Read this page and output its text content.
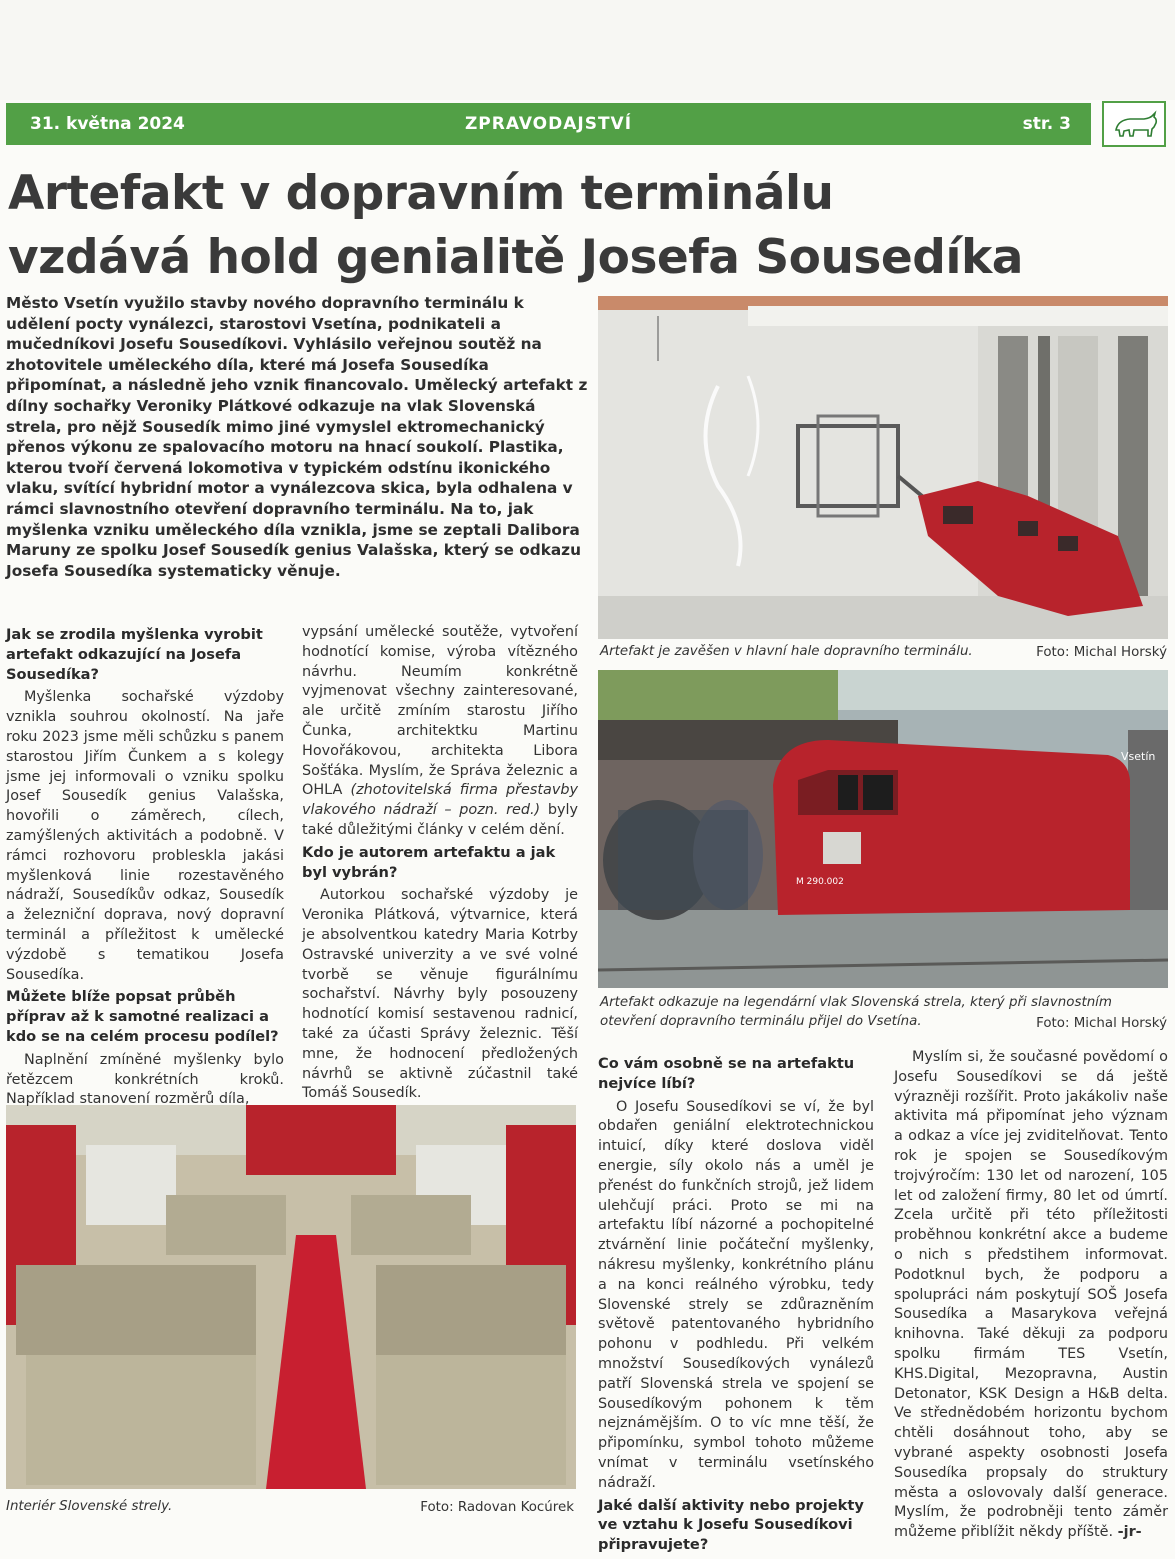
31. května 2024	ZPRAVODAJSTVÍ	str. 3
Artefakt v dopravním terminálu
vzdává hold genialitě Josefa Sousedíka
Město Vsetín využilo stavby nového dopravního terminálu k udělení pocty vynálezci, starostovi Vsetína, podnikateli a mučedníkovi Josefu Sousedíkovi. Vyhlásilo veřejnou soutěž na zhotovitele uměleckého díla, které má Josefa Sousedíka připomínat, a následně jeho vznik financovalo. Umělecký artefakt z dílny sochařky Veroniky Plátkové odkazuje na vlak Slovenská strela, pro nějž Sousedík mimo jiné vymyslel ektromechanický přenos výkonu ze spalovacího motoru na hnací soukolí. Plastika, kterou tvoří červená lokomotiva v typickém odstínu ikonického vlaku, svítící hybridní motor a vynálezcova skica, byla odhalena v rámci slavnostního otevření dopravního terminálu. Na to, jak myšlenka vzniku uměleckého díla vznikla, jsme se zeptali Dalibora Maruny ze spolku Josef Sousedík genius Valašska, který se odkazu Josefa Sousedíka systematicky věnuje.
Artefakt je zavěšen v hlavní hale dopravního terminálu.	Foto: Michal Horský
M 290.002
Vsetín
Artefakt odkazuje na legendární vlak Slovenská strela, který při slavnostním otevření dopravního terminálu přijel do Vsetína.	Foto: Michal Horský
Interiér Slovenské strely.	Foto: Radovan Kocúrek
Jak se zrodila myšlenka vyrobit artefakt odkazující na Josefa Sousedíka?

Myšlenka sochařské výzdoby vznikla souhrou okolností. Na jaře roku 2023 jsme měli schůzku s panem starostou Jiřím Čunkem a s kolegy jsme jej informovali o vzniku spolku Josef Sousedík genius Valašska, hovořili o záměrech, cílech, zamýšlených aktivitách a podobně. V rámci rozhovoru probleskla jakási myšlenková linie rozestavěného nádraží, Sousedíkův odkaz, Sousedík a železniční doprava, nový dopravní terminál a příležitost k umělecké výzdobě s tematikou Josefa Sousedíka.

Můžete blíže popsat průběh příprav až k samotné realizaci a kdo se na celém procesu podílel?

Naplnění zmíněné myšlenky bylo řetězcem konkrétních kroků. Například stanovení rozměrů díla,

vypsání umělecké soutěže, vytvoření hodnotící komise, výroba vítězného návrhu. Neumím konkrétně vyjmenovat všechny zainteresované, ale určitě zmíním starostu Jiřího Čunka, architektku Martinu Hovořákovou, architekta Libora Sošťáka. Myslím, že Správa železnic a OHLA (zhotovitelská firma přestavby vlakového nádraží – pozn. red.) byly také důležitými články v celém dění.

Kdo je autorem artefaktu a jak byl vybrán?

Autorkou sochařské výzdoby je Veronika Plátková, výtvarnice, která je absolventkou katedry Maria Kotrby Ostravské univerzity a ve své volné tvorbě se věnuje figurálnímu sochařství. Návrhy byly posouzeny hodnotící komisí sestavenou radnicí, také za účasti Správy železnic. Těší mne, že hodnocení předložených návrhů se aktivně zúčastnil také Tomáš Sousedík.

Co vám osobně se na artefaktu nejvíce líbí?

O Josefu Sousedíkovi se ví, že byl obdařen geniální elektrotechnickou intuicí, díky které doslova viděl energie, síly okolo nás a uměl je přenést do funkčních strojů, jež lidem ulehčují práci. Proto se mi na artefaktu líbí názorné a pochopitelné ztvárnění linie počáteční myšlenky, nákresu myšlenky, konkrétního plánu a na konci reálného výrobku, tedy Slovenské strely se zdůrazněním světově patentovaného hybridního pohonu v podhledu. Při velkém množství Sousedíkových vynálezů patří Slovenská strela ve spojení se Sousedíkovým pohonem k těm nejznámějším. O to víc mne těší, že připomínku, symbol tohoto můžeme vnímat v terminálu vsetínského nádraží.

Jaké další aktivity nebo projekty ve vztahu k Josefu Sousedíkovi připravujete?

Myslím si, že současné povědomí o Josefu Sousedíkovi se dá ještě výrazněji rozšířit. Proto jakákoliv naše aktivita má připomínat jeho význam a odkaz a více jej zviditelňovat. Tento rok je spojen se Sousedíkovým trojvýročím: 130 let od narození, 105 let od založení firmy, 80 let od úmrtí. Zcela určitě při této příležitosti proběhnou konkrétní akce a budeme o nich s předstihem informovat. Podotknul bych, že podporu a spolupráci nám poskytují SOŠ Josefa Sousedíka a Masarykova veřejná knihovna. Také děkuji za podporu spolku firmám TES Vsetín, KHS.Digital, Mezopravna, Austin Detonator, KSK Design a H&B delta. Ve střednědobém horizontu bychom chtěli dosáhnout toho, aby se vybrané aspekty osobnosti Josefa Sousedíka propsaly do struktury města a oslovovaly další generace. Myslím, že podrobněji tento záměr můžeme přiblížit někdy příště. -jr-
